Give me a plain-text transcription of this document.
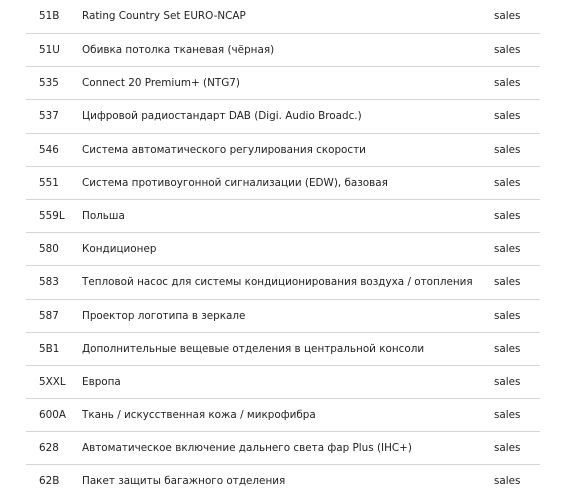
51B	Rating Country Set EURO-NCAP	sales
51U	Обивка потолка тканевая (чёрная)	sales
535	Connect 20 Premium+ (NTG7)	sales
537	Цифровой радиостандарт DAB (Digi. Audio Broadc.)	sales
546	Система автоматического регулирования скорости	sales
551	Система противоугонной сигнализации (EDW), базовая	sales
559L	Польша	sales
580	Кондиционер	sales
583	Тепловой насос для системы кондиционирования воздуха / отопления	sales
587	Проектор логотипа в зеркале	sales
5B1	Дополнительные вещевые отделения в центральной консоли	sales
5XXL	Европа	sales
600A	Ткань / искусственная кожа / микрофибра	sales
628	Автоматическое включение дальнего света фар Plus (IHC+)	sales
62B	Пакет защиты багажного отделения	sales
